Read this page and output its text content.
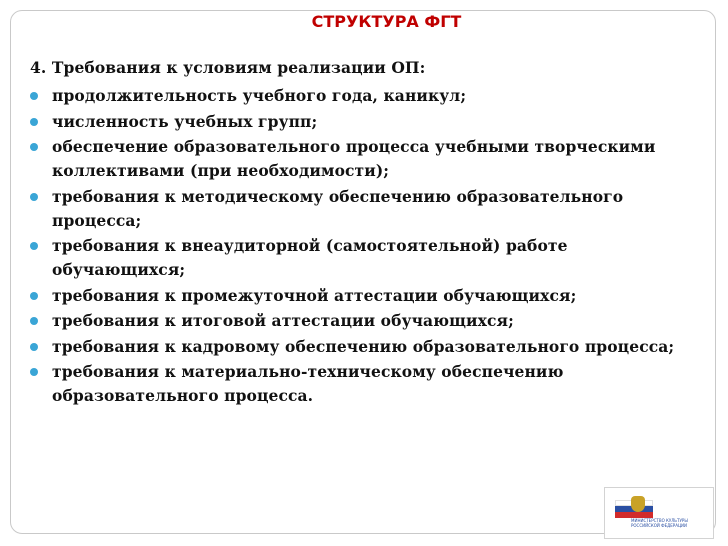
СТРУКТУРА ФГТ
4. Требования к условиям реализации ОП:
продолжительность учебного года, каникул;
численность учебных групп;
обеспечение образовательного процесса учебными творческими коллективами (при необходимости);
требования к методическому обеспечению образовательного процесса;
требования к внеаудиторной (самостоятельной) работе обучающихся;
требования к промежуточной аттестации обучающихся;
требования к итоговой аттестации обучающихся;
требования к кадровому обеспечению образовательного процесса;
требования к материально-техническому обеспечению образовательного процесса.
МИНИСТЕРСТВО КУЛЬТУРЫ РОССИЙСКОЙ ФЕДЕРАЦИИ
